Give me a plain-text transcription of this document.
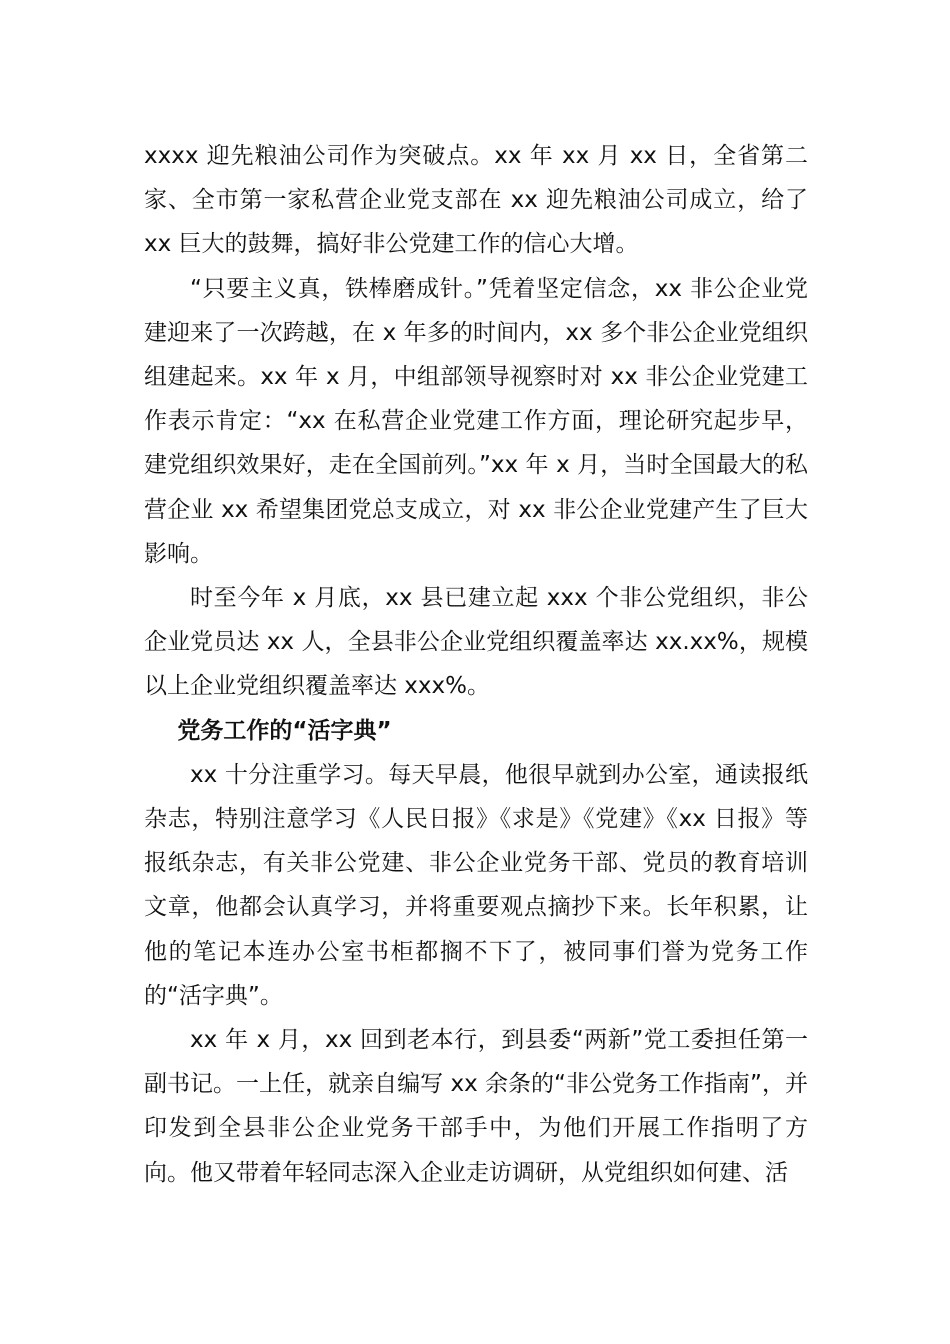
xxxx 迎先粮油公司作为突破点。xx 年 xx 月 xx 日，全省第二家、全市第一家私营企业党支部在 xx 迎先粮油公司成立，给了 xx 巨大的鼓舞，搞好非公党建工作的信心大增。

“只要主义真，铁棒磨成针。”凭着坚定信念，xx 非公企业党建迎来了一次跨越，在 x 年多的时间内，xx 多个非公企业党组织组建起来。xx 年 x 月，中组部领导视察时对 xx 非公企业党建工作表示肯定：“xx 在私营企业党建工作方面，理论研究起步早，建党组织效果好，走在全国前列。”xx 年 x 月，当时全国最大的私营企业 xx 希望集团党总支成立，对 xx 非公企业党建产生了巨大影响。

时至今年 x 月底，xx 县已建立起 xxx 个非公党组织，非公企业党员达 xx 人，全县非公企业党组织覆盖率达 xx.xx%，规模以上企业党组织覆盖率达 xxx%。

党务工作的“活字典”

xx 十分注重学习。每天早晨，他很早就到办公室，通读报纸杂志，特别注意学习《人民日报》《求是》《党建》《xx 日报》等报纸杂志，有关非公党建、非公企业党务干部、党员的教育培训文章，他都会认真学习，并将重要观点摘抄下来。长年积累，让他的笔记本连办公室书柜都搁不下了，被同事们誉为党务工作的“活字典”。

xx 年 x 月，xx 回到老本行，到县委“两新”党工委担任第一副书记。一上任，就亲自编写 xx 余条的“非公党务工作指南”，并印发到全县非公企业党务干部手中，为他们开展工作指明了方向。他又带着年轻同志深入企业走访调研，从党组织如何建、活
